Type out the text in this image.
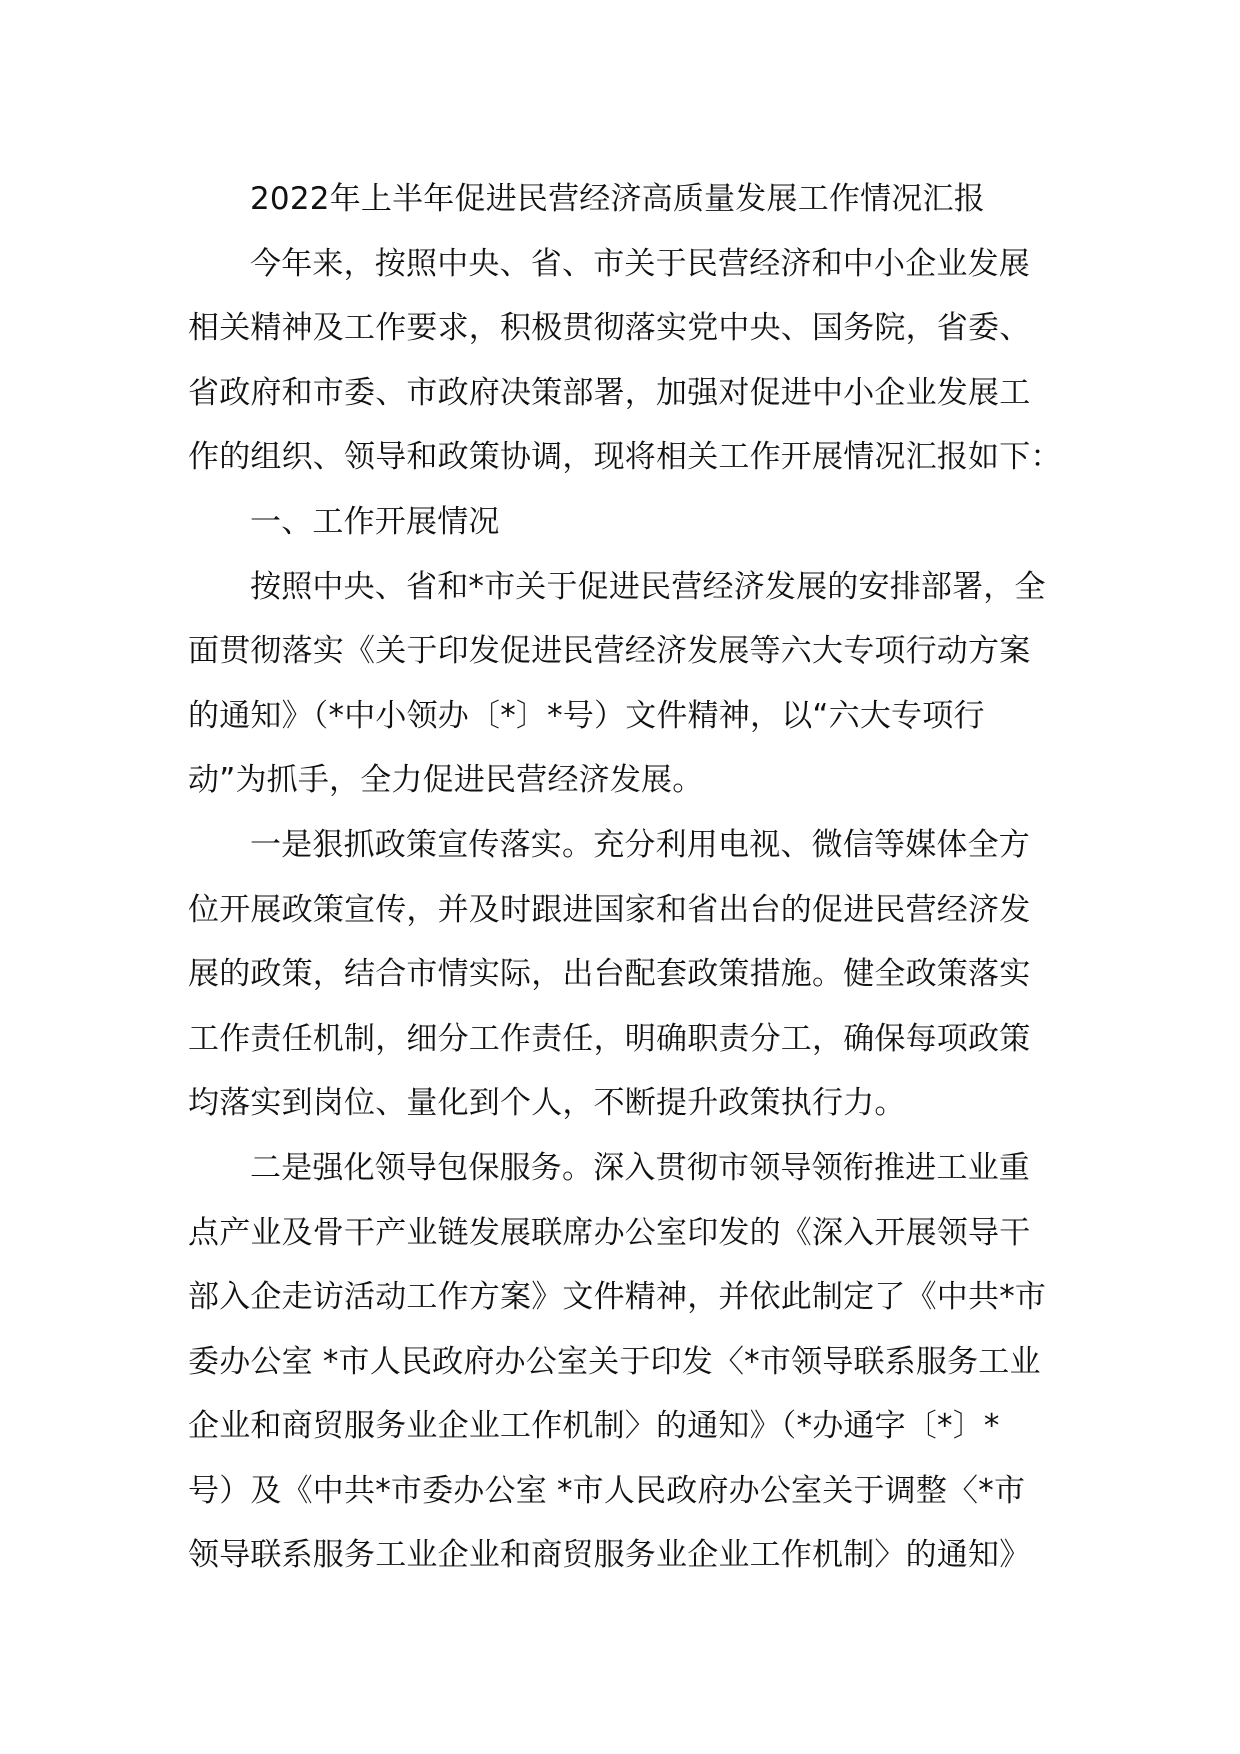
2022年上半年促进民营经济高质量发展工作情况汇报
今年来，按照中央、省、市关于民营经济和中小企业发展
相关精神及工作要求，积极贯彻落实党中央、国务院，省委、
省政府和市委、市政府决策部署，加强对促进中小企业发展工
作的组织、领导和政策协调，现将相关工作开展情况汇报如下：
一、工作开展情况
按照中央、省和*市关于促进民营经济发展的安排部署，全
面贯彻落实《关于印发促进民营经济发展等六大专项行动方案
的通知》（*中小领办〔*〕*号）文件精神，以“六大专项行
动”为抓手，全力促进民营经济发展。
一是狠抓政策宣传落实。充分利用电视、微信等媒体全方
位开展政策宣传，并及时跟进国家和省出台的促进民营经济发
展的政策，结合市情实际，出台配套政策措施。健全政策落实
工作责任机制，细分工作责任，明确职责分工，确保每项政策
均落实到岗位、量化到个人，不断提升政策执行力。
二是强化领导包保服务。深入贯彻市领导领衔推进工业重
点产业及骨干产业链发展联席办公室印发的《深入开展领导干
部入企走访活动工作方案》文件精神，并依此制定了《中共*市
委办公室 *市人民政府办公室关于印发〈*市领导联系服务工业
企业和商贸服务业企业工作机制〉的通知》（*办通字〔*〕*
号）及《中共*市委办公室 *市人民政府办公室关于调整〈*市
领导联系服务工业企业和商贸服务业企业工作机制〉的通知》
